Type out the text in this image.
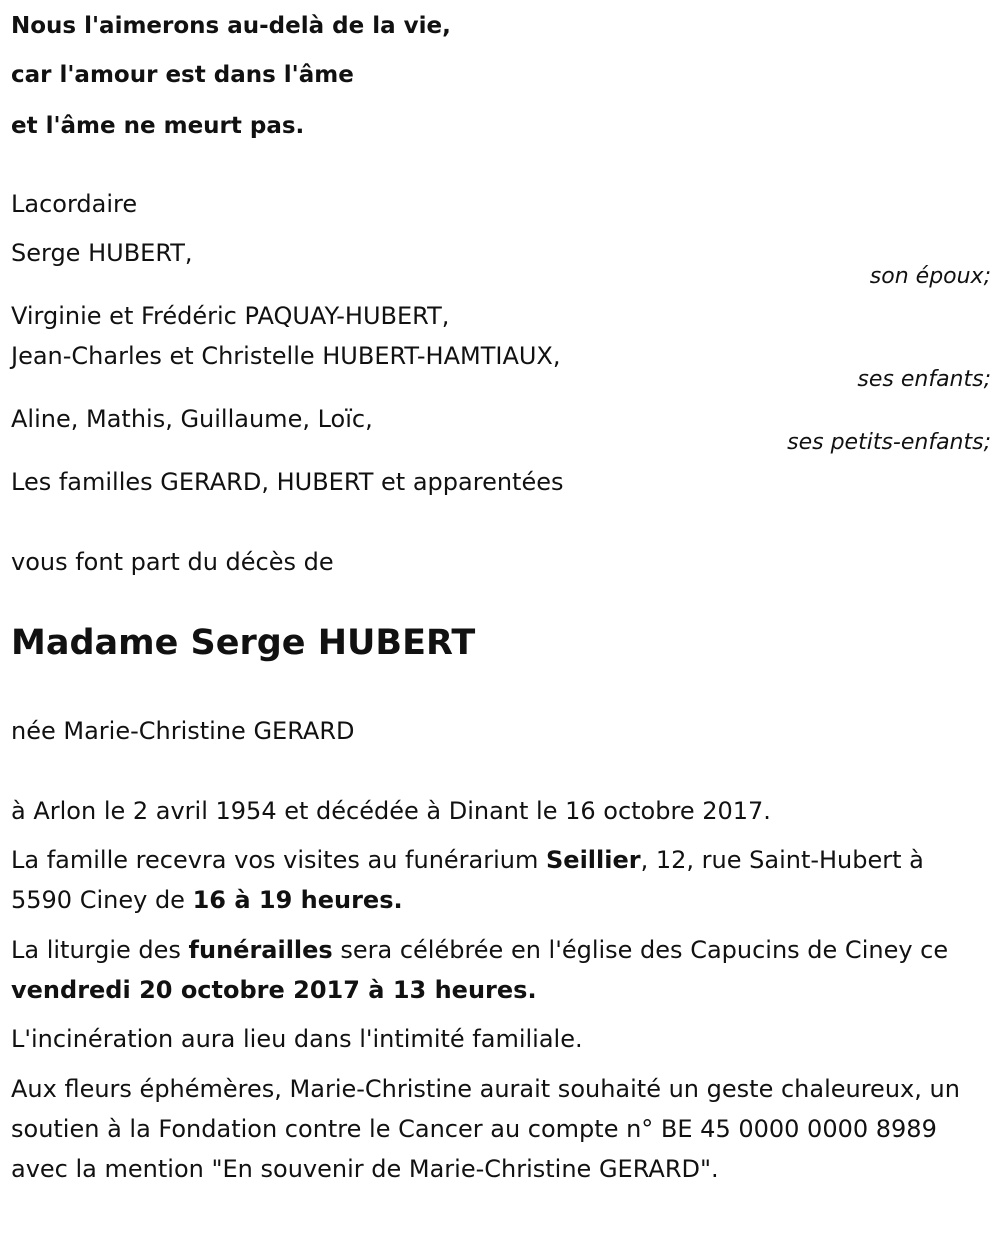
Nous l'aimerons au-delà de la vie,
car l'amour est dans l'âme
et l'âme ne meurt pas.
Lacordaire
Serge HUBERT,
son époux;
Virginie et Frédéric PAQUAY-HUBERT,
Jean-Charles et Christelle HUBERT-HAMTIAUX,
ses enfants;
Aline, Mathis, Guillaume, Loïc,
ses petits-enfants;
Les familles GERARD, HUBERT et apparentées
vous font part du décès de
Madame Serge HUBERT
née Marie-Christine GERARD
à Arlon le 2 avril 1954 et décédée à Dinant le 16 octobre 2017.
La famille recevra vos visites au funérarium Seillier, 12, rue Saint-Hubert à 5590 Ciney de 16 à 19 heures.
La liturgie des funérailles sera célébrée en l'église des Capucins de Ciney ce vendredi 20 octobre 2017 à 13 heures.
L'incinération aura lieu dans l'intimité familiale.
Aux fleurs éphémères, Marie-Christine aurait souhaité un geste chaleureux, un soutien à la Fondation contre le Cancer au compte n° BE 45 0000 0000 8989 avec la mention "En souvenir de Marie-Christine GERARD".
